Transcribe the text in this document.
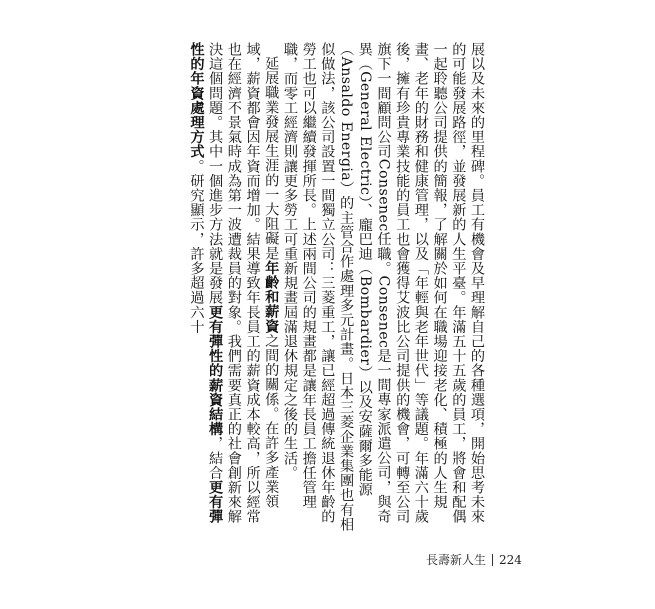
展以及未來的里程碑。員工有機會及早理解自己的各種選項，開始思考未來的可能發展路徑，並發展新的人生平臺。年滿五十五歲的員工，將會和配偶一起聆聽公司提供的簡報，了解關於如何在職場迎接老化、積極的人生規畫、老年的財務和健康管理，以及「年輕與老年世代」等議題。年滿六十歲後，擁有珍貴專業技能的員工也會獲得艾波比公司提供的機會，可轉至公司旗下一間顧問公司Consenec任職。Consenec是一間專家派遣公司，與奇異（General Electric）、龐巴迪（Bombardier）以及安薩爾多能源（Ansaldo Energia）的主管合作處理多元計畫。日本三菱企業集團也有相似做法，該公司設置一間獨立公司：三菱重工，讓已經超過傳統退休年齡的勞工也可以繼續發揮所長。上述兩間公司的規畫都是讓年長員工擔任管理職，而零工經濟則讓更多勞工可重新規畫屆滿退休規定之後的生活。

延展職業發展生涯的一大阻礙是年齡和薪資之間的關係。在許多產業領域，薪資都會因年資而增加。結果導致年長員工的薪資成本較高，所以經常也在經濟不景氣時成為第一波遭裁員的對象。我們需要真正的社會創新來解決這個問題。其中一個進步方法就是發展更有彈性的薪資結構，結合更有彈性的年資處理方式。研究顯示，許多超過六十

長壽新人生 224
